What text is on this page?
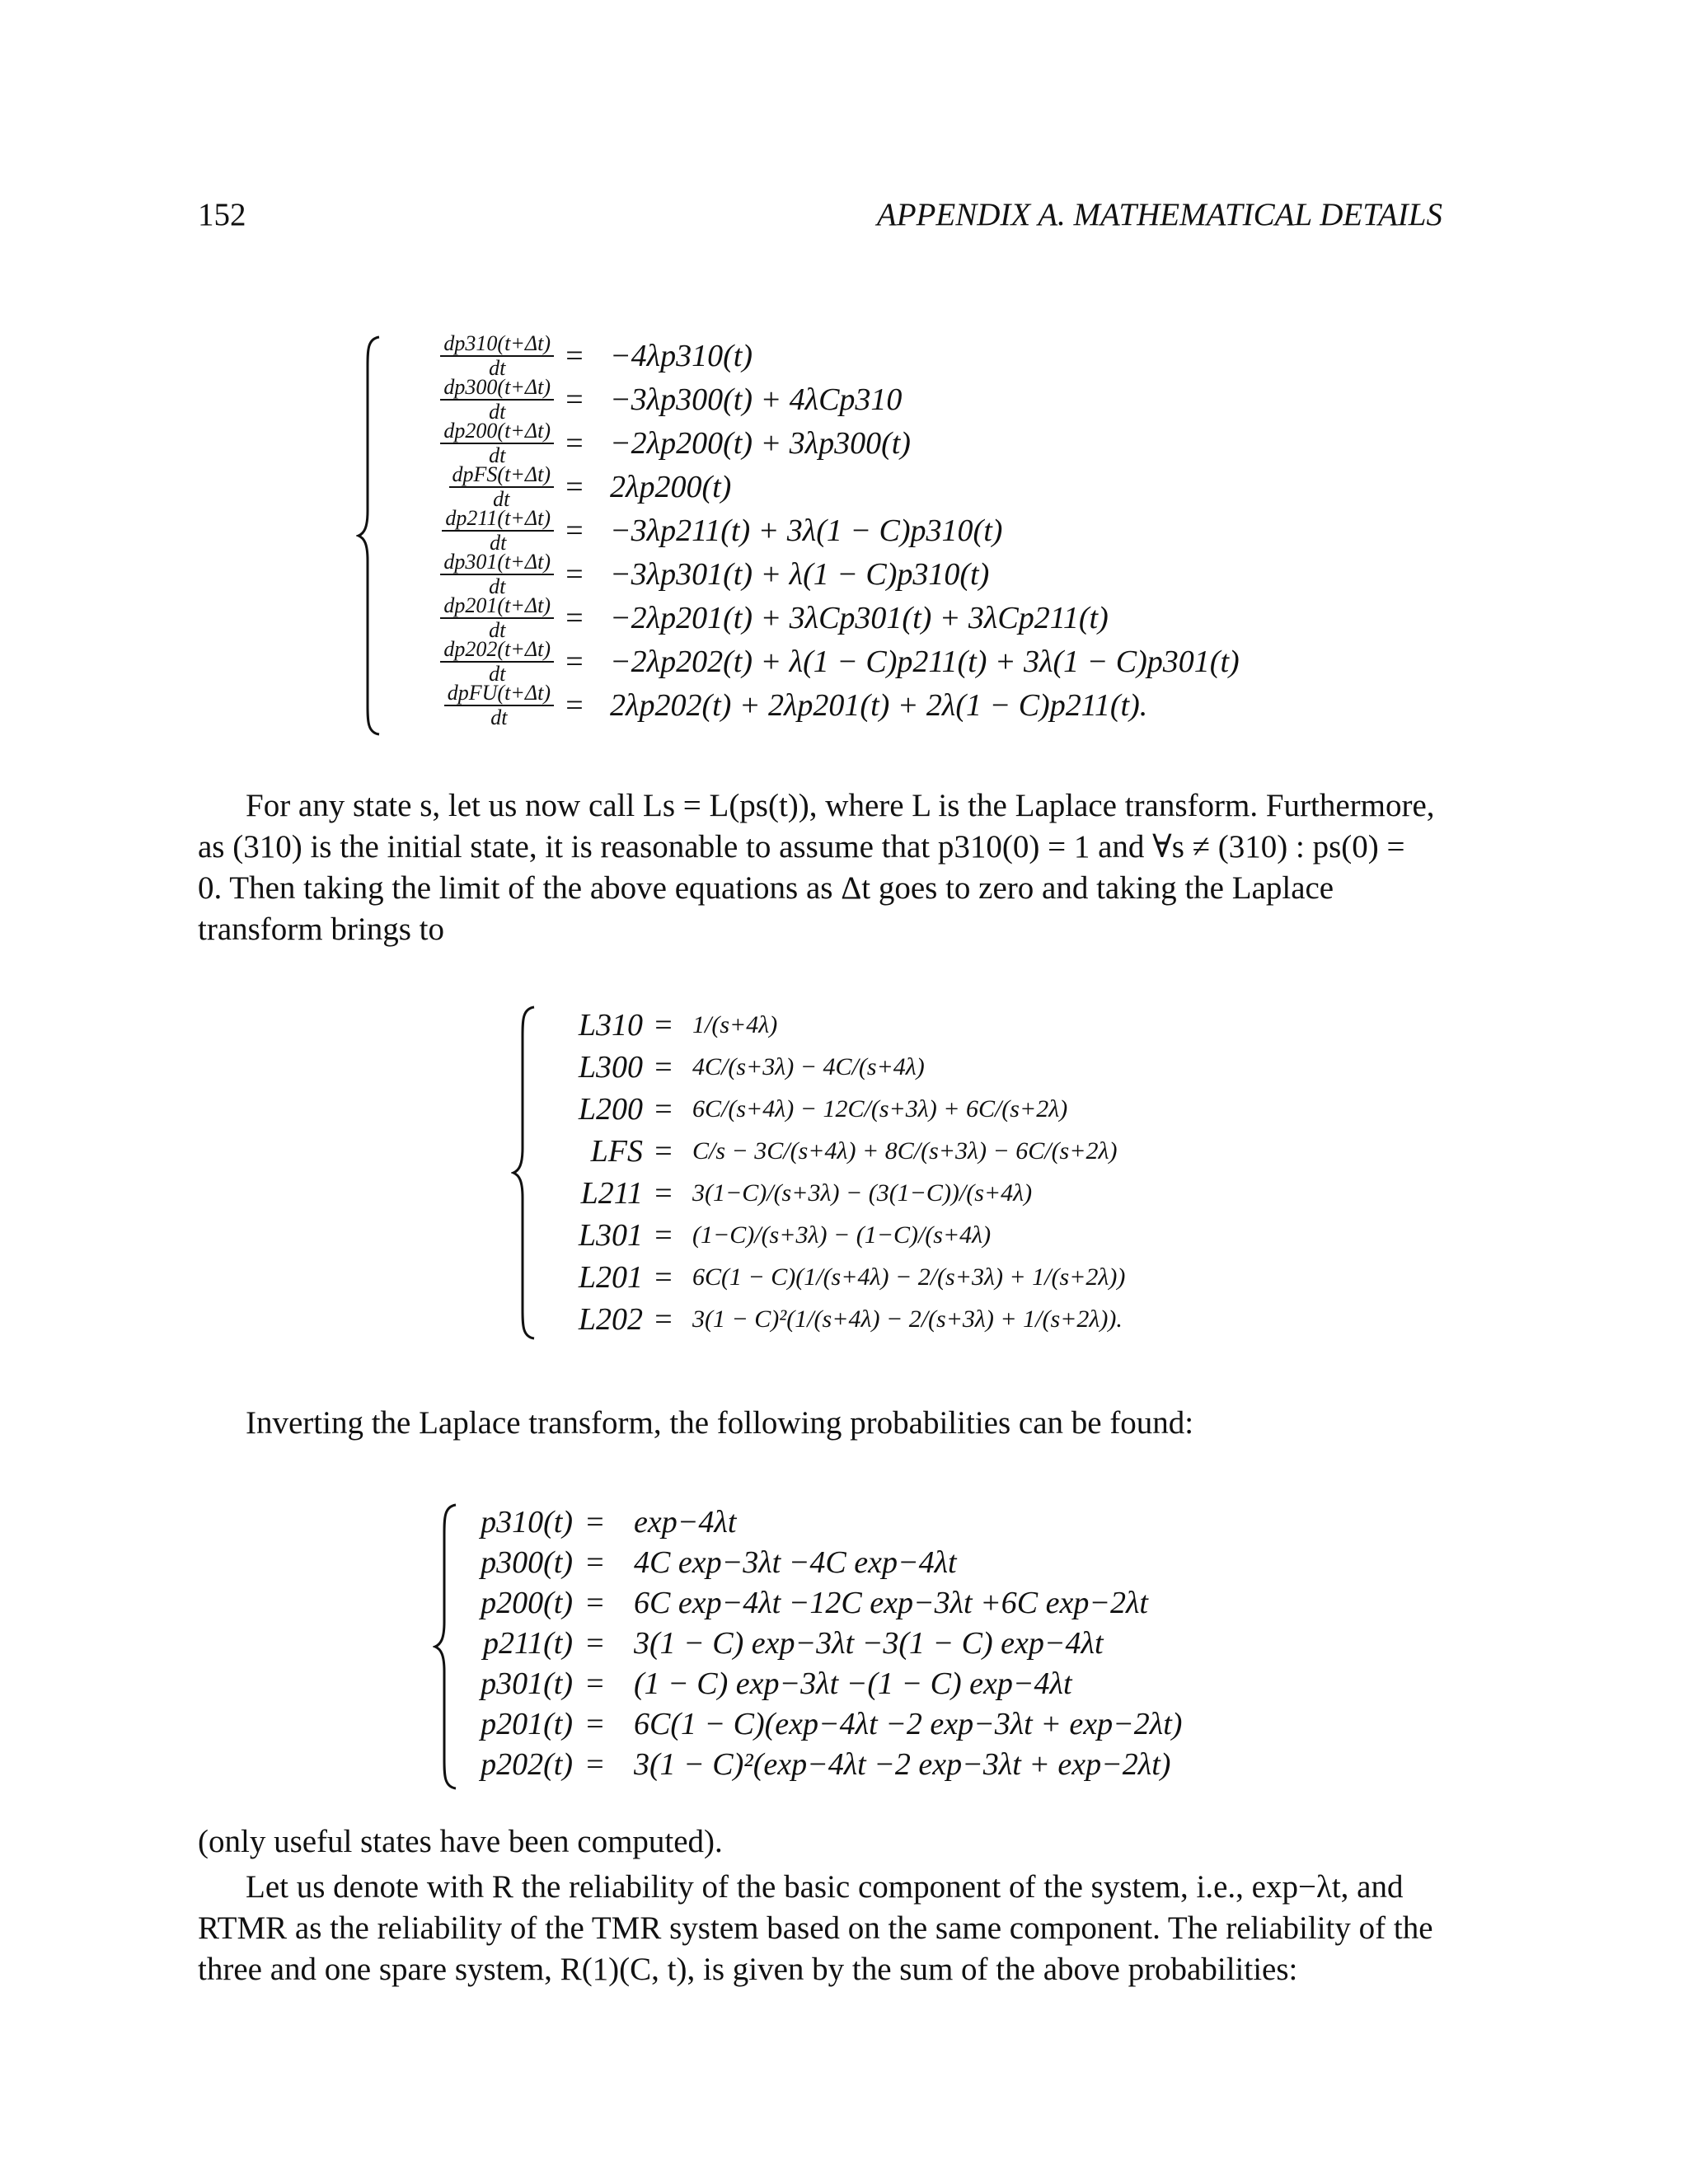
152	APPENDIX A. MATHEMATICAL DETAILS
$\frac{dp310(t+\Delta t)}{dt} = -4\lambda p310(t)$
$\frac{dp300(t+\Delta t)}{dt} = -3\lambda p300(t) + 4\lambda Cp310$
$\frac{dp200(t+\Delta t)}{dt} = -2\lambda p200(t) + 3\lambda p300(t)$
$\frac{\text{dpFS(t+Δt)}}{dt} = 2\lambda p200(t)$
$\frac{dp211(t+\Delta t)}{dt} = -3\lambda p211(t) + 3\lambda(1 - C)p310(t)$
$\frac{dp301(t+\Delta t)}{dt} = -3\lambda p301(t) + \lambda(1 - C)p310(t)$
$\frac{dp201(t+\Delta t)}{dt} = -2\lambda p201(t) + 3\lambda Cp301(t) + 3\lambda Cp211(t)$
$\frac{dp202(t+\Delta t)}{dt} = -2\lambda p202(t) + \lambda(1 - C)p211(t) + 3\lambda(1 - C)p301(t)$
$\frac{\text{dpFU(t+Δt)}}{dt} = 2\lambda p202(t) + 2\lambda p201(t) + 2\lambda(1 - C)p211(t)$.
For any state s, let us now call Ls = L(ps(t)), where L is the Laplace transform. Furthermore,
as (310) is the initial state, it is reasonable to assume that p310(0) = 1 and ∀s ≠ (310) : ps(0) =
0. Then taking the limit of the above equations as Δt goes to zero and taking the Laplace
transform brings to
L310 = 1/(s+4λ)
L300 = 4C/(s+3λ) − 4C/(s+4λ)
L200 = 6C/(s+4λ) − 12C/(s+3λ) + 6C/(s+2λ)
LFS = C/s − 3C/(s+4λ) + 8C/(s+3λ) − 6C/(s+2λ)
L211 = 3(1−C)/(s+3λ) − (3(1−C))/(s+4λ)
L301 = (1−C)/(s+3λ) − (1−C)/(s+4λ)
L201 = 6C(1 − C)(1/(s+4λ) − 2/(s+3λ) + 1/(s+2λ))
L202 = 3(1 − C)²(1/(s+4λ) − 2/(s+3λ) + 1/(s+2λ)).
Inverting the Laplace transform, the following probabilities can be found:
p310(t) = exp−4λt
p300(t) = 4C exp−3λt −4C exp−4λt
p200(t) = 6C exp−4λt −12C exp−3λt +6C exp−2λt
p211(t) = 3(1 − C) exp−3λt −3(1 − C) exp−4λt
p301(t) = (1 − C) exp−3λt −(1 − C) exp−4λt
p201(t) = 6C(1 − C)(exp−4λt −2 exp−3λt + exp−2λt)
p202(t) = 3(1 − C)²(exp−4λt −2 exp−3λt + exp−2λt)
(only useful states have been computed).
Let us denote with R the reliability of the basic component of the system, i.e., exp−λt, and
RTMR as the reliability of the TMR system based on the same component. The reliability of the
three and one spare system, R(1)(C, t), is given by the sum of the above probabilities:
